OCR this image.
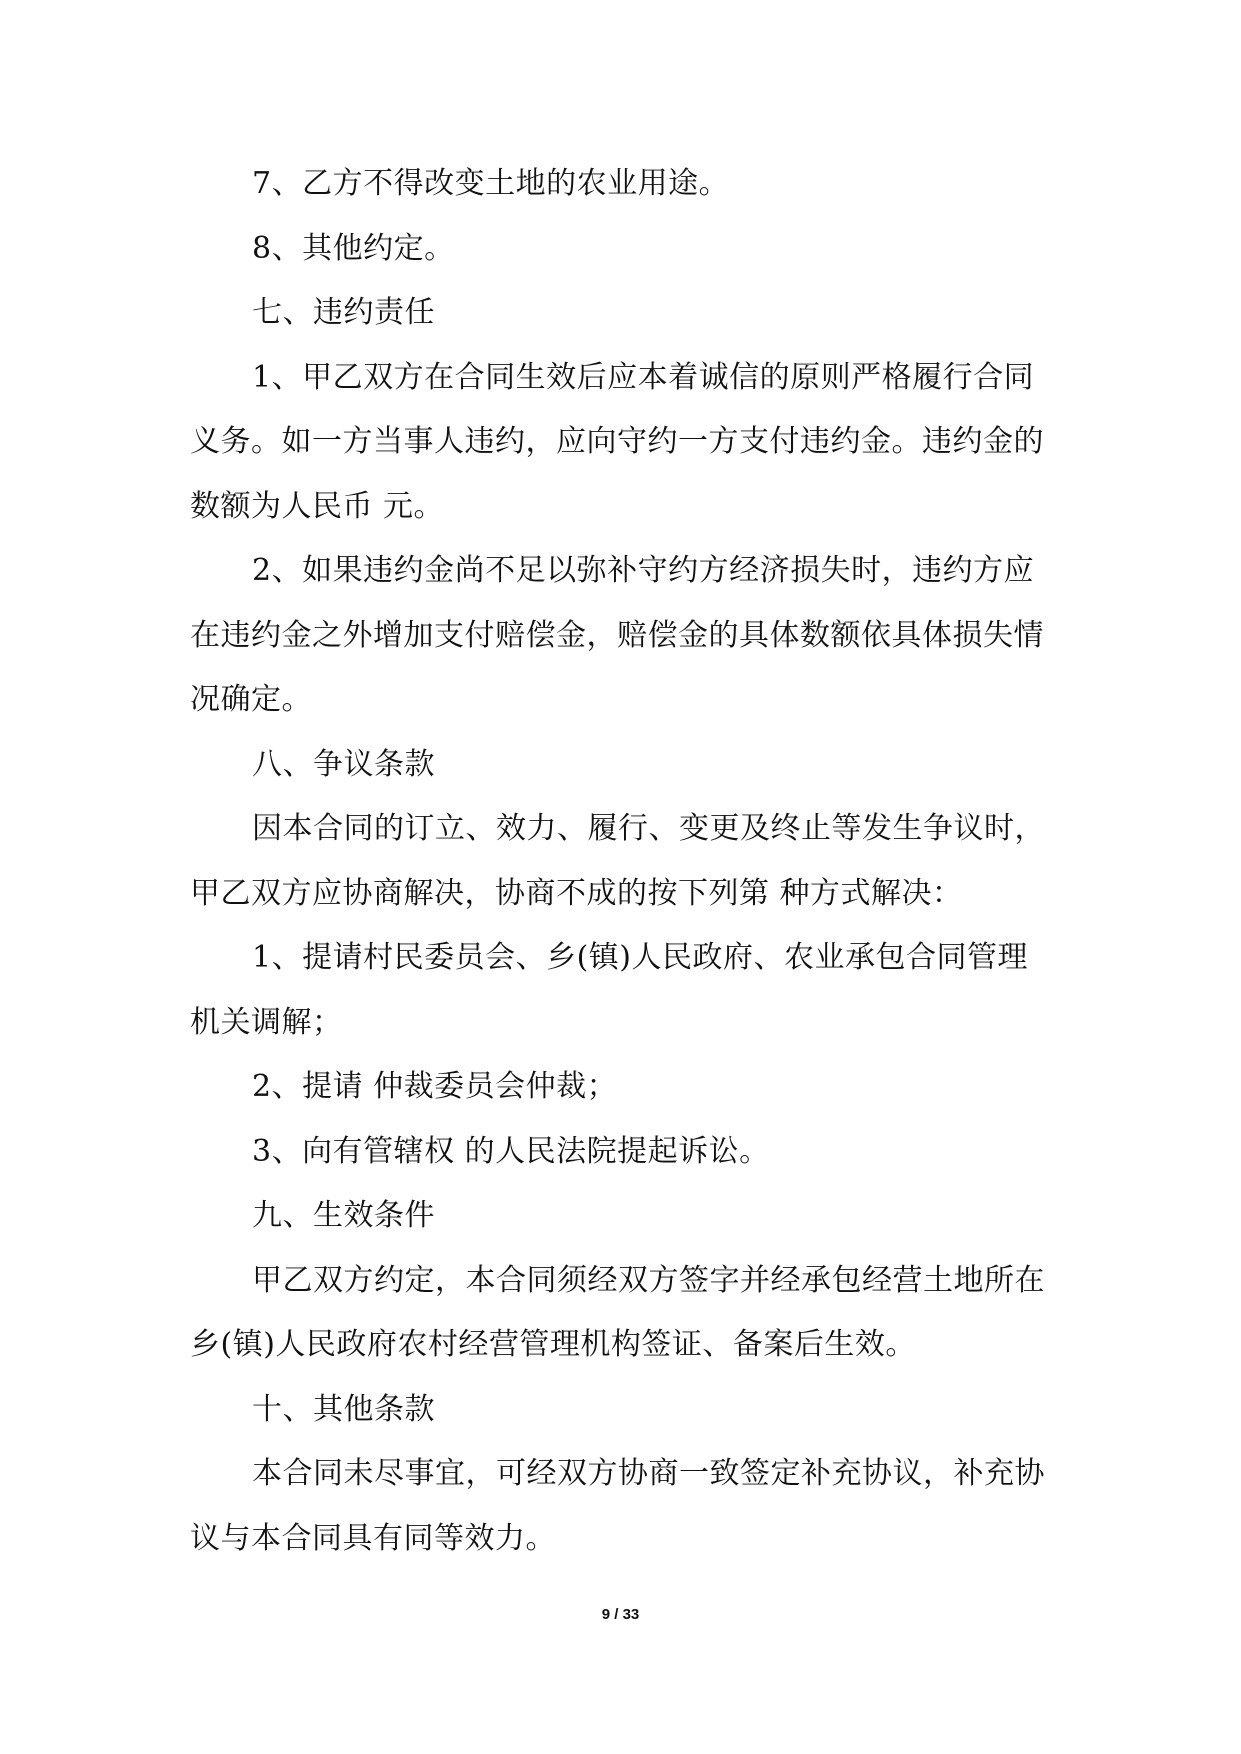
7、乙方不得改变土地的农业用途。

8、其他约定。

七、违约责任

1、甲乙双方在合同生效后应本着诚信的原则严格履行合同

义务。如一方当事人违约，应向守约一方支付违约金。违约金的

数额为人民币 元。

2、如果违约金尚不足以弥补守约方经济损失时，违约方应

在违约金之外增加支付赔偿金，赔偿金的具体数额依具体损失情

况确定。

八、争议条款

因本合同的订立、效力、履行、变更及终止等发生争议时，

甲乙双方应协商解决，协商不成的按下列第 种方式解决：

1、提请村民委员会、乡(镇)人民政府、农业承包合同管理

机关调解；

2、提请 仲裁委员会仲裁；

3、向有管辖权 的人民法院提起诉讼。

九、生效条件

甲乙双方约定，本合同须经双方签字并经承包经营土地所在

乡(镇)人民政府农村经营管理机构签证、备案后生效。

十、其他条款

本合同未尽事宜，可经双方协商一致签定补充协议，补充协

议与本合同具有同等效力。

9 / 33
